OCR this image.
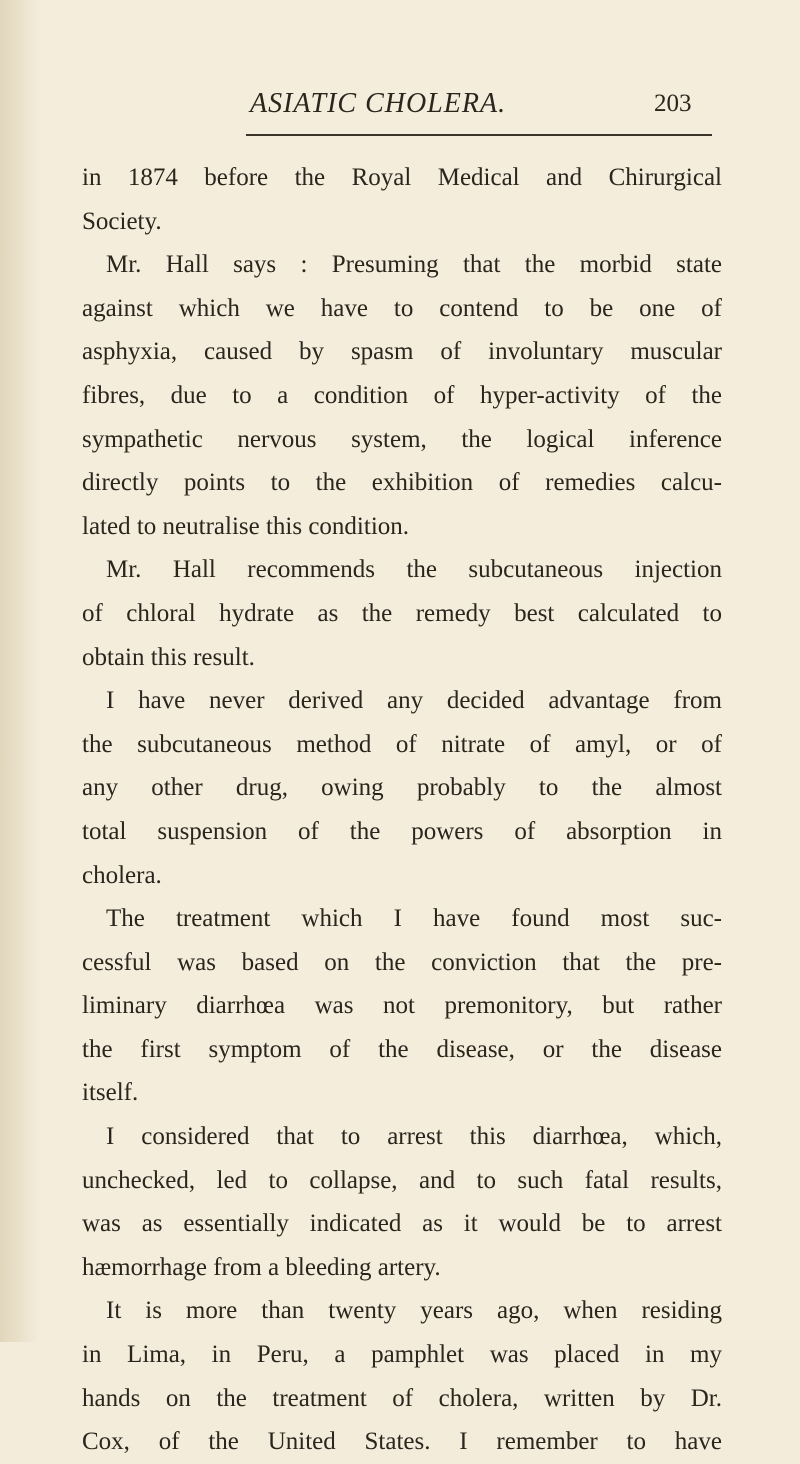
ASIATIC CHOLERA.	203
in 1874 before the Royal Medical and Chirurgical
Society.
Mr. Hall says : Presuming that the morbid state
against which we have to contend to be one of
asphyxia, caused by spasm of involuntary muscular
fibres, due to a condition of hyper-activity of the
sympathetic nervous system, the logical inference
directly points to the exhibition of remedies calcu-
lated to neutralise this condition.
Mr. Hall recommends the subcutaneous injection
of chloral hydrate as the remedy best calculated to
obtain this result.
I have never derived any decided advantage from
the subcutaneous method of nitrate of amyl, or of
any other drug, owing probably to the almost
total suspension of the powers of absorption in
cholera.
The treatment which I have found most suc-
cessful was based on the conviction that the pre-
liminary diarrhœa was not premonitory, but rather
the first symptom of the disease, or the disease
itself.
I considered that to arrest this diarrhœa, which,
unchecked, led to collapse, and to such fatal results,
was as essentially indicated as it would be to arrest
hæmorrhage from a bleeding artery.
It is more than twenty years ago, when residing
in Lima, in Peru, a pamphlet was placed in my
hands on the treatment of cholera, written by Dr.
Cox, of the United States. I remember to have
